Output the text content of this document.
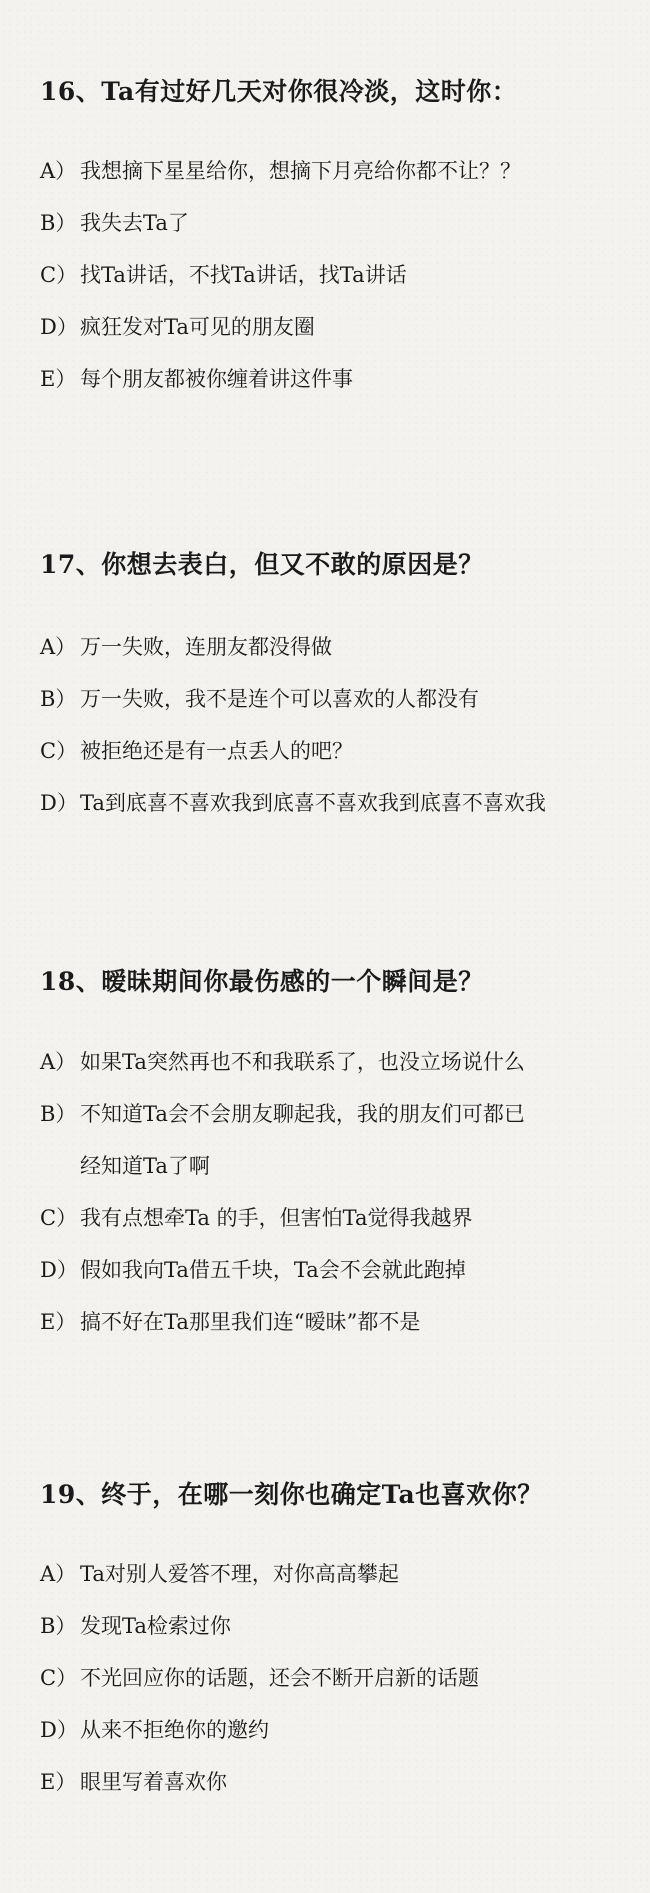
16、Ta有过好几天对你很冷淡，这时你：
A） 我想摘下星星给你，想摘下月亮给你都不让？？
B） 我失去Ta了
C） 找Ta讲话，不找Ta讲话，找Ta讲话
D） 疯狂发对Ta可见的朋友圈
E） 每个朋友都被你缠着讲这件事
17、你想去表白，但又不敢的原因是？
A） 万一失败，连朋友都没得做
B） 万一失败，我不是连个可以喜欢的人都没有
C） 被拒绝还是有一点丢人的吧？
D） Ta到底喜不喜欢我到底喜不喜欢我到底喜不喜欢我
18、暧昧期间你最伤感的一个瞬间是？
A） 如果Ta突然再也不和我联系了，也没立场说什么
B） 不知道Ta会不会朋友聊起我，我的朋友们可都已
经知道Ta了啊
C） 我有点想牵Ta 的手，但害怕Ta觉得我越界
D） 假如我向Ta借五千块，Ta会不会就此跑掉
E） 搞不好在Ta那里我们连“暧昧”都不是
19、终于，在哪一刻你也确定Ta也喜欢你？
A） Ta对别人爱答不理，对你高高攀起
B） 发现Ta检索过你
C） 不光回应你的话题，还会不断开启新的话题
D） 从来不拒绝你的邀约
E） 眼里写着喜欢你
